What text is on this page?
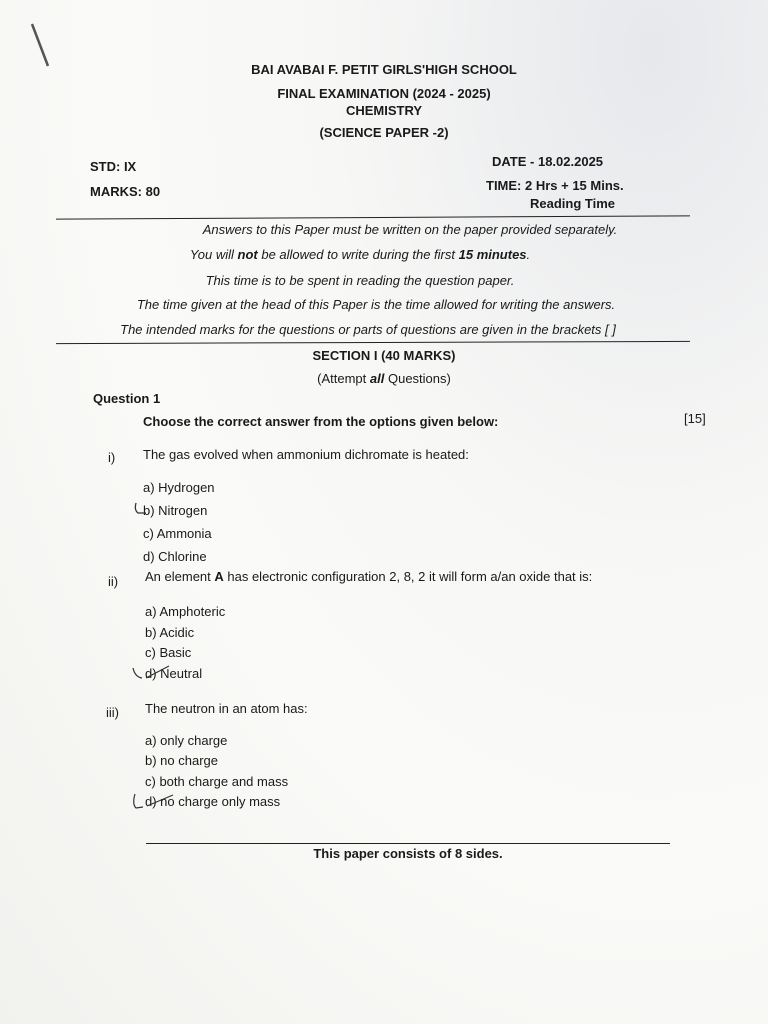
BAI AVABAI F. PETIT GIRLS'HIGH SCHOOL
FINAL EXAMINATION (2024 - 2025)
CHEMISTRY
(SCIENCE PAPER -2)
STD: IX
MARKS: 80
DATE - 18.02.2025
TIME: 2 Hrs + 15 Mins.
Reading Time
Answers to this Paper must be written on the paper provided separately.
You will not be allowed to write during the first 15 minutes.
This time is to be spent in reading the question paper.
The time given at the head of this Paper is the time allowed for writing the answers.
The intended marks for the questions or parts of questions are given in the brackets [ ]
SECTION I (40 MARKS)
(Attempt all Questions)
Question 1
Choose the correct answer from the options given below:	[15]
i) The gas evolved when ammonium dichromate is heated:
a) Hydrogen
b) Nitrogen
c) Ammonia
d) Chlorine
ii) An element A has electronic configuration 2, 8, 2 it will form a/an oxide that is:
a) Amphoteric
b) Acidic
c) Basic
d) Neutral
iii) The neutron in an atom has:
a) only charge
b) no charge
c) both charge and mass
d) no charge only mass
This paper consists of 8 sides.
